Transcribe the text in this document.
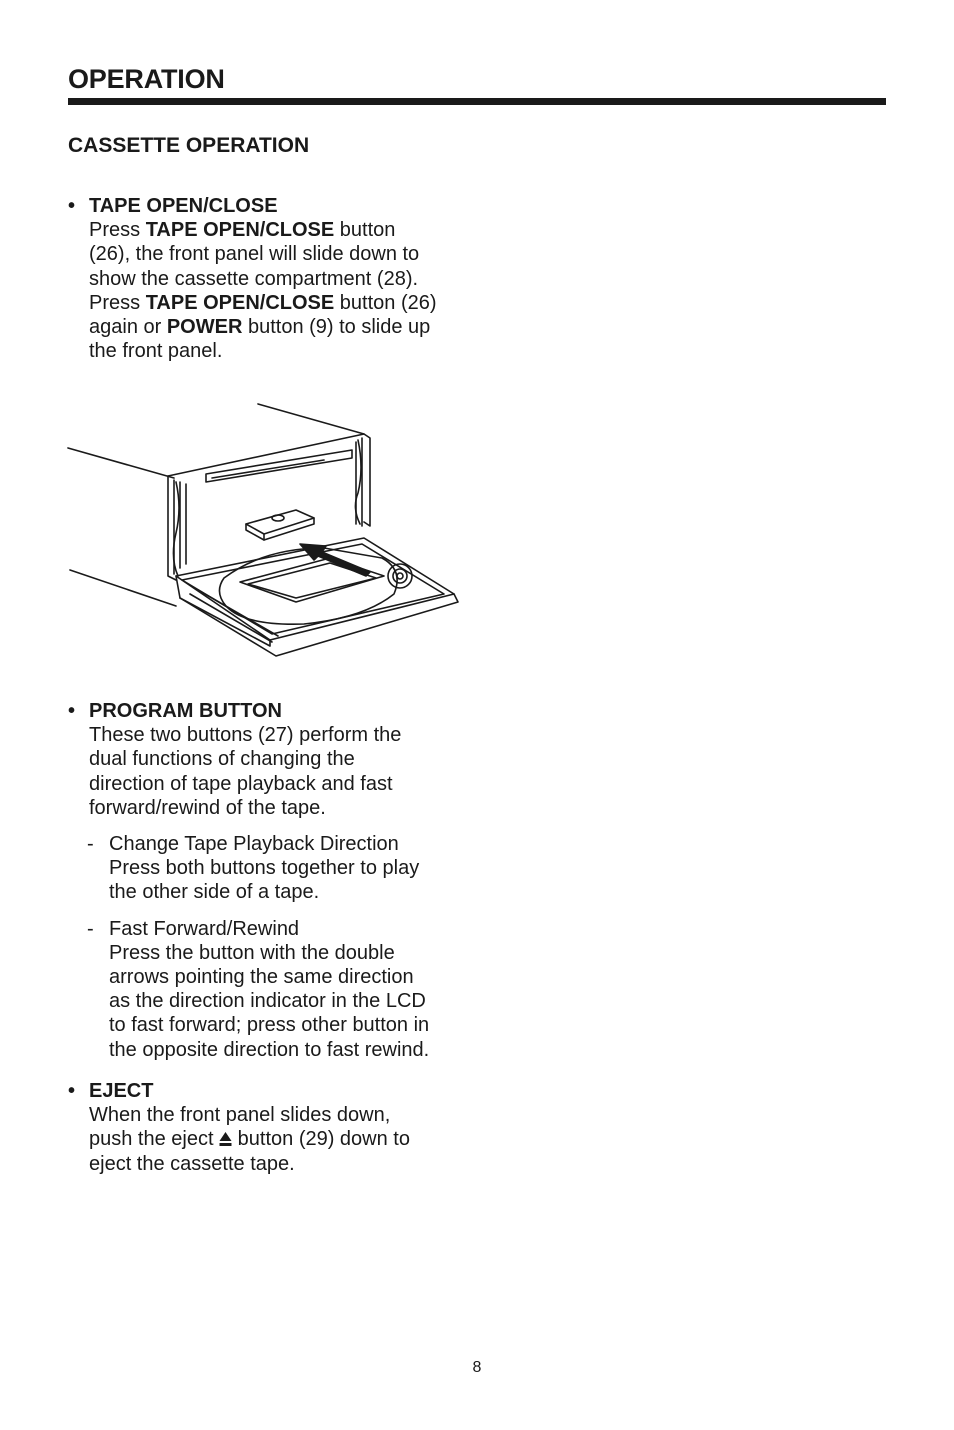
OPERATION
CASSETTE OPERATION
• TAPE OPEN/CLOSE
Press TAPE OPEN/CLOSE button
(26), the front panel will slide down to
show the cassette compartment (28).
Press TAPE OPEN/CLOSE button (26)
again or POWER button (9) to slide up
the front panel.
• PROGRAM BUTTON
These two buttons (27) perform the
dual functions of changing the
direction of tape playback and fast
forward/rewind of the tape.
- Change Tape Playback Direction
Press both buttons together to play
the other side of a tape.
- Fast Forward/Rewind
Press the button with the double
arrows pointing the same direction
as the direction indicator in the LCD
to fast forward; press other button in
the opposite direction to fast rewind.
• EJECT
When the front panel slides down,
push the eject  button (29) down to
eject the cassette tape.
8
